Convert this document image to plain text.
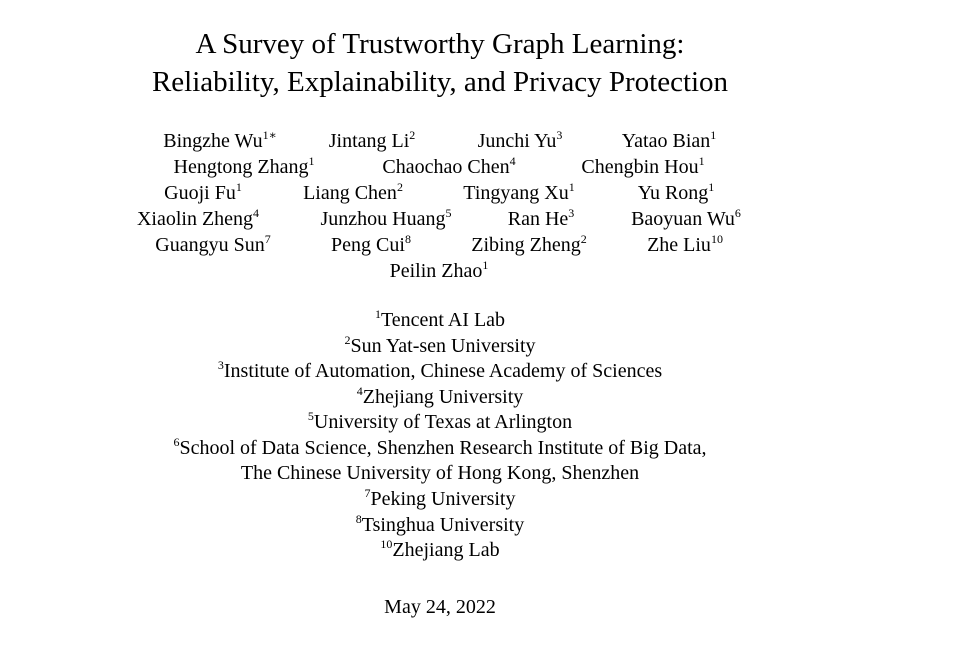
A Survey of Trustworthy Graph Learning:
Reliability, Explainability, and Privacy Protection
Bingzhe $Wu^{1∗}$	Jintang Li$^2$	Junchi Yu$^3$	Yatao Bian$^1$
Hengtong Zhang$^1$	Chaochao Chen$^4$	Chengbin Hou$^1$
Guoji Fu$^1$	Liang Chen$^2$	Tingyang Xu$^1$	Yu Rong$^1$
Xiaolin Zheng$^4$	Junzhou Huang$^5$	Ran He$^3$	Baoyuan Wu$^6$
Guangyu Sun$^7$	Peng Cui$^8$	Zibing Zheng$^2$	Zhe Liu$^{10}$
Peilin Zhao$^1$
$^1$Tencent AI Lab
$^2$Sun Yat-sen University
$^3$Institute of Automation, Chinese Academy of Sciences
$^4$Zhejiang University
$^5$University of Texas at Arlington
$^6$School of Data Science, Shenzhen Research Institute of Big Data,
The Chinese University of Hong Kong, Shenzhen
$^7$Peking University
$^8$Tsinghua University
$^{10}$Zhejiang Lab
May 24, 2022
